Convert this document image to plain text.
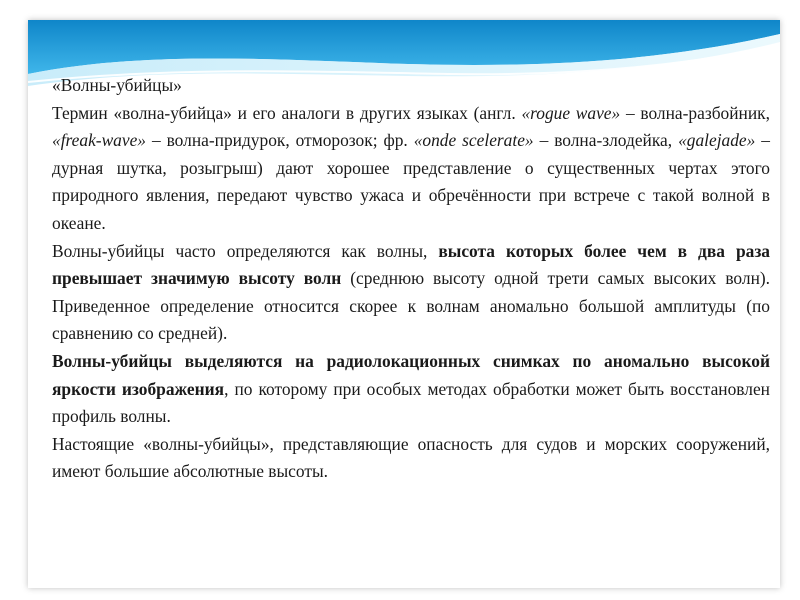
«Волны-убийцы»

Термин «волна-убийца» и его аналоги в других языках (англ. «rogue wave» – волна-разбойник, «freak-wave» – волна-придурок, отморозок; фр. «onde scelerate» – волна-злодейка, «galejade» – дурная шутка, розыгрыш) дают хорошее представление о существенных чертах этого природного явления, передают чувство ужаса и обречённости при встрече с такой волной в океане.

Волны-убийцы часто определяются как волны, высота которых более чем в два раза превышает значимую высоту волн (среднюю высоту одной трети самых высоких волн). Приведенное определение относится скорее к волнам аномально большой амплитуды (по сравнению со средней).

Волны-убийцы выделяются на радиолокационных снимках по аномально высокой яркости изображения, по которому при особых методах обработки может быть восстановлен профиль волны.

Настоящие «волны-убийцы», представляющие опасность для судов и морских сооружений, имеют большие абсолютные высоты.
